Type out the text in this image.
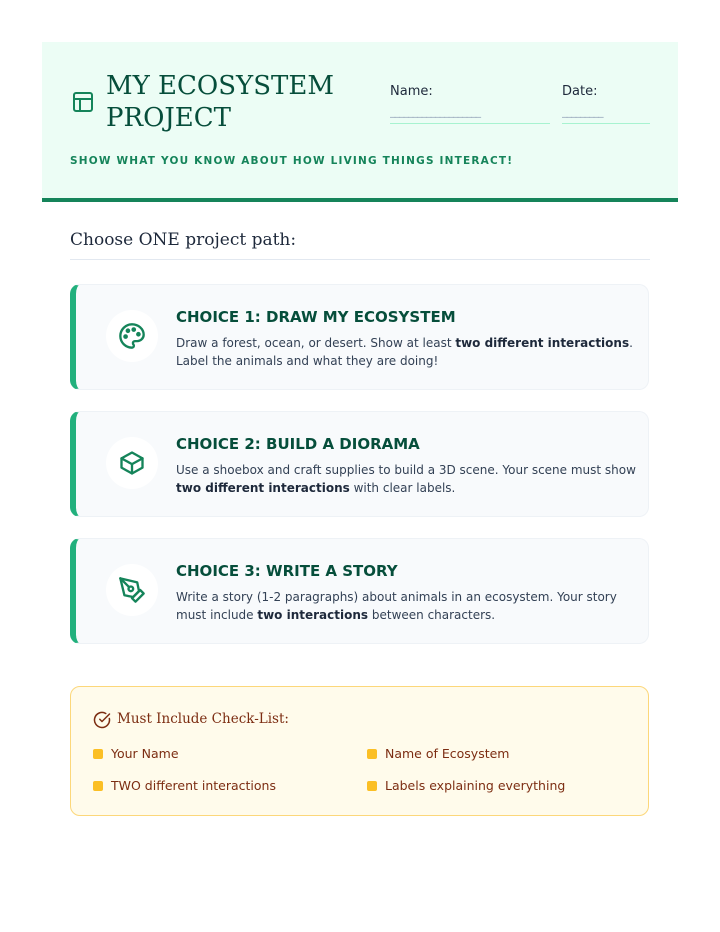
MY ECOSYSTEM
PROJECT
Name:
____________________
Date:
_________
SHOW WHAT YOU KNOW ABOUT HOW LIVING THINGS INTERACT!
Choose ONE project path:
CHOICE 1: DRAW MY ECOSYSTEM
Draw a forest, ocean, or desert. Show at least two different interactions. Label the animals and what they are doing!
CHOICE 2: BUILD A DIORAMA
Use a shoebox and craft supplies to build a 3D scene. Your scene must show two different interactions with clear labels.
CHOICE 3: WRITE A STORY
Write a story (1-2 paragraphs) about animals in an ecosystem. Your story must include two interactions between characters.
Must Include Check-List:
Your Name	Name of Ecosystem
TWO different interactions	Labels explaining everything
